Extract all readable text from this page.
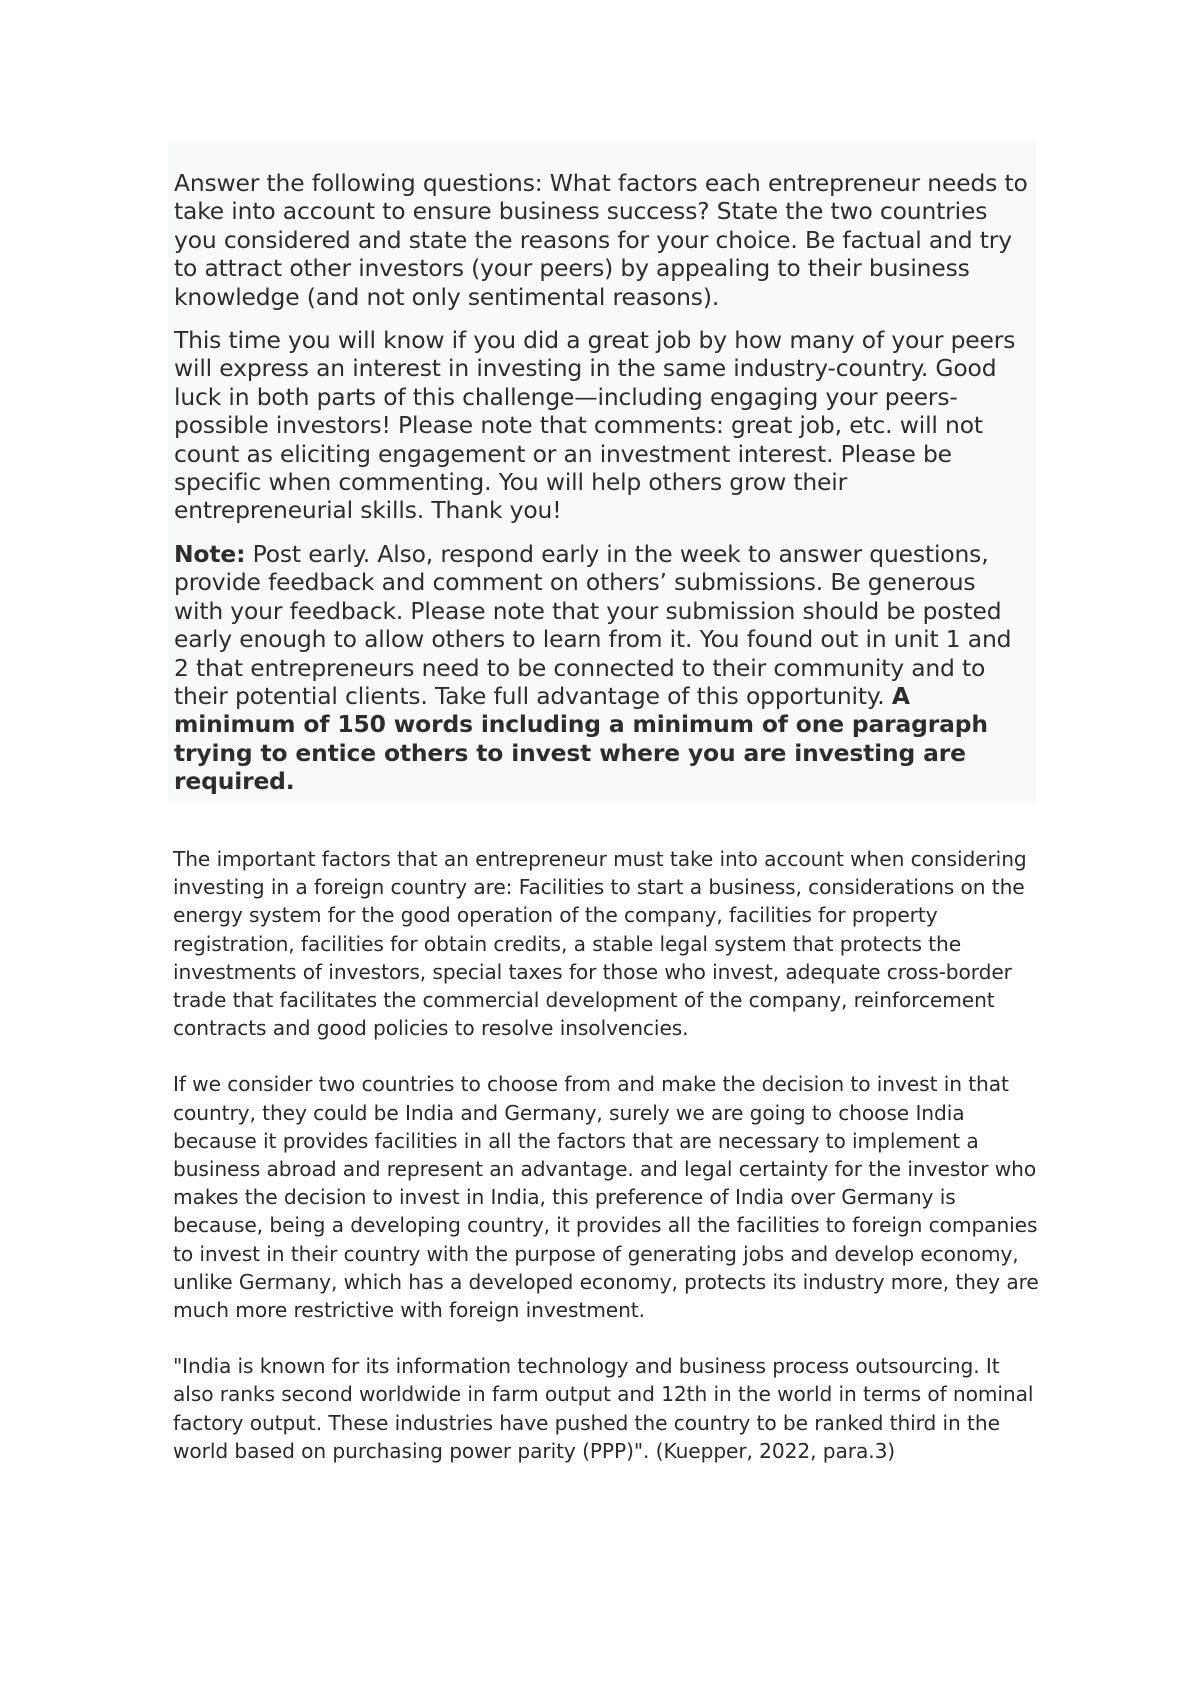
Answer the following questions: What factors each entrepreneur needs to take into account to ensure business success? State the two countries you considered and state the reasons for your choice. Be factual and try to attract other investors (your peers) by appealing to their business knowledge (and not only sentimental reasons).

This time you will know if you did a great job by how many of your peers will express an interest in investing in the same industry-country. Good luck in both parts of this challenge—including engaging your peers-possible investors! Please note that comments: great job, etc. will not count as eliciting engagement or an investment interest. Please be specific when commenting. You will help others grow their entrepreneurial skills. Thank you!

Note: Post early. Also, respond early in the week to answer questions, provide feedback and comment on others’ submissions. Be generous with your feedback. Please note that your submission should be posted early enough to allow others to learn from it. You found out in unit 1 and 2 that entrepreneurs need to be connected to their community and to their potential clients. Take full advantage of this opportunity. A minimum of 150 words including a minimum of one paragraph trying to entice others to invest where you are investing are required.

The important factors that an entrepreneur must take into account when considering investing in a foreign country are: Facilities to start a business, considerations on the energy system for the good operation of the company, facilities for property registration, facilities for obtain credits, a stable legal system that protects the investments of investors, special taxes for those who invest, adequate cross-border trade that facilitates the commercial development of the company, reinforcement contracts and good policies to resolve insolvencies.

If we consider two countries to choose from and make the decision to invest in that country, they could be India and Germany, surely we are going to choose India because it provides facilities in all the factors that are necessary to implement a business abroad and represent an advantage. and legal certainty for the investor who makes the decision to invest in India, this preference of India over Germany is because, being a developing country, it provides all the facilities to foreign companies to invest in their country with the purpose of generating jobs and develop economy, unlike Germany, which has a developed economy, protects its industry more, they are much more restrictive with foreign investment.

"India is known for its information technology and business process outsourcing. It also ranks second worldwide in farm output and 12th in the world in terms of nominal factory output. These industries have pushed the country to be ranked third in the world based on purchasing power parity (PPP)". (Kuepper, 2022, para.3)
